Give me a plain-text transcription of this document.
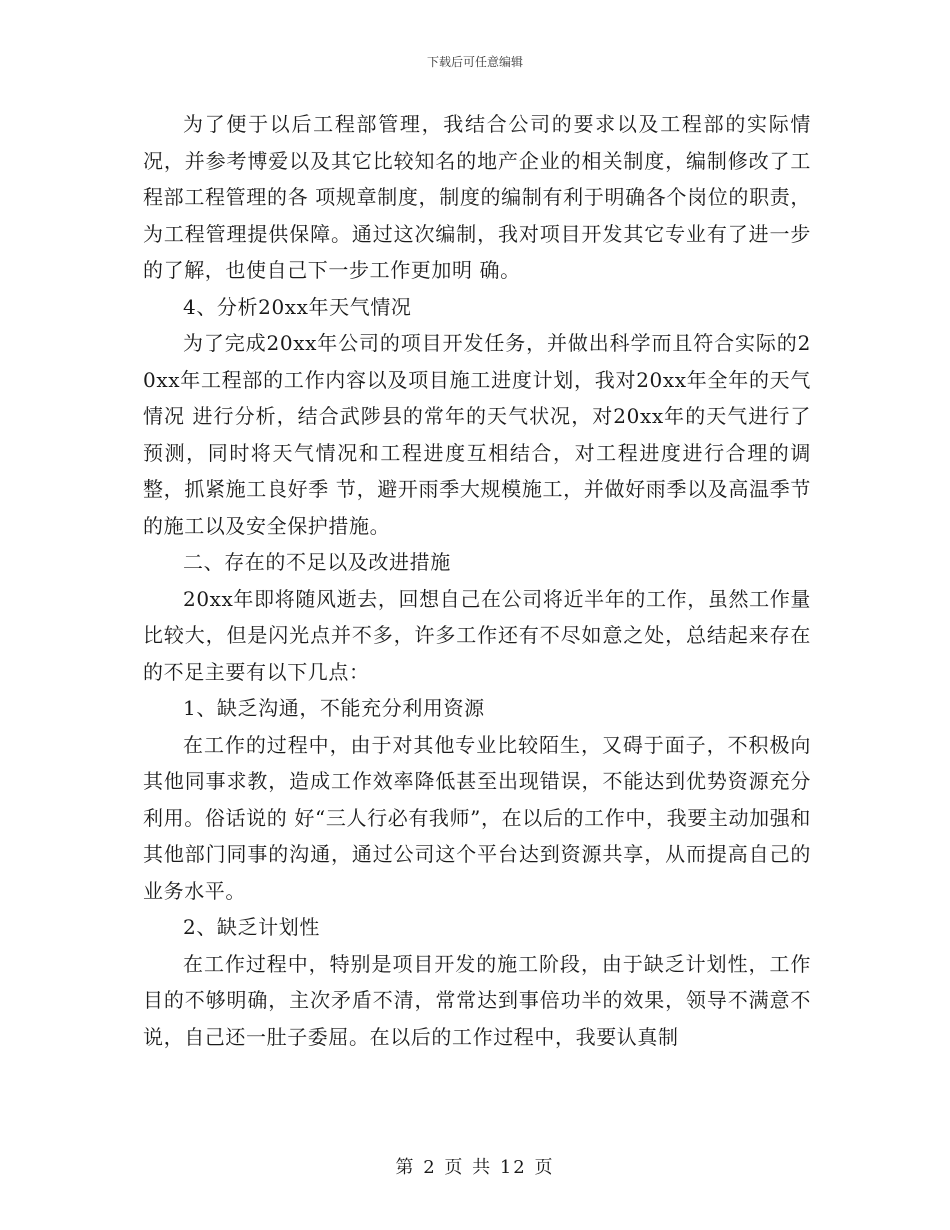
下载后可任意编辑

为了便于以后工程部管理，我结合公司的要求以及工程部的实际情况，并参考博爱以及其它比较知名的地产企业的相关制度，编制修改了工程部工程管理的各 项规章制度，制度的编制有利于明确各个岗位的职责，为工程管理提供保障。通过这次编制，我对项目开发其它专业有了进一步的了解，也使自己下一步工作更加明 确。

4、分析20xx年天气情况

为了完成20xx年公司的项目开发任务，并做出科学而且符合实际的20xx年工程部的工作内容以及项目施工进度计划，我对20xx年全年的天气情况 进行分析，结合武陟县的常年的天气状况，对20xx年的天气进行了预测，同时将天气情况和工程进度互相结合，对工程进度进行合理的调整，抓紧施工良好季 节，避开雨季大规模施工，并做好雨季以及高温季节的施工以及安全保护措施。

二、存在的不足以及改进措施

20xx年即将随风逝去，回想自己在公司将近半年的工作，虽然工作量比较大，但是闪光点并不多，许多工作还有不尽如意之处，总结起来存在的不足主要有以下几点：

1、缺乏沟通，不能充分利用资源

在工作的过程中，由于对其他专业比较陌生，又碍于面子，不积极向其他同事求教，造成工作效率降低甚至出现错误，不能达到优势资源充分利用。俗话说的 好“三人行必有我师”，在以后的工作中，我要主动加强和其他部门同事的沟通，通过公司这个平台达到资源共享，从而提高自己的业务水平。

2、缺乏计划性

在工作过程中，特别是项目开发的施工阶段，由于缺乏计划性，工作目的不够明确，主次矛盾不清，常常达到事倍功半的效果，领导不满意不说，自己还一肚子委屈。在以后的工作过程中，我要认真制

第 2 页 共 12 页
